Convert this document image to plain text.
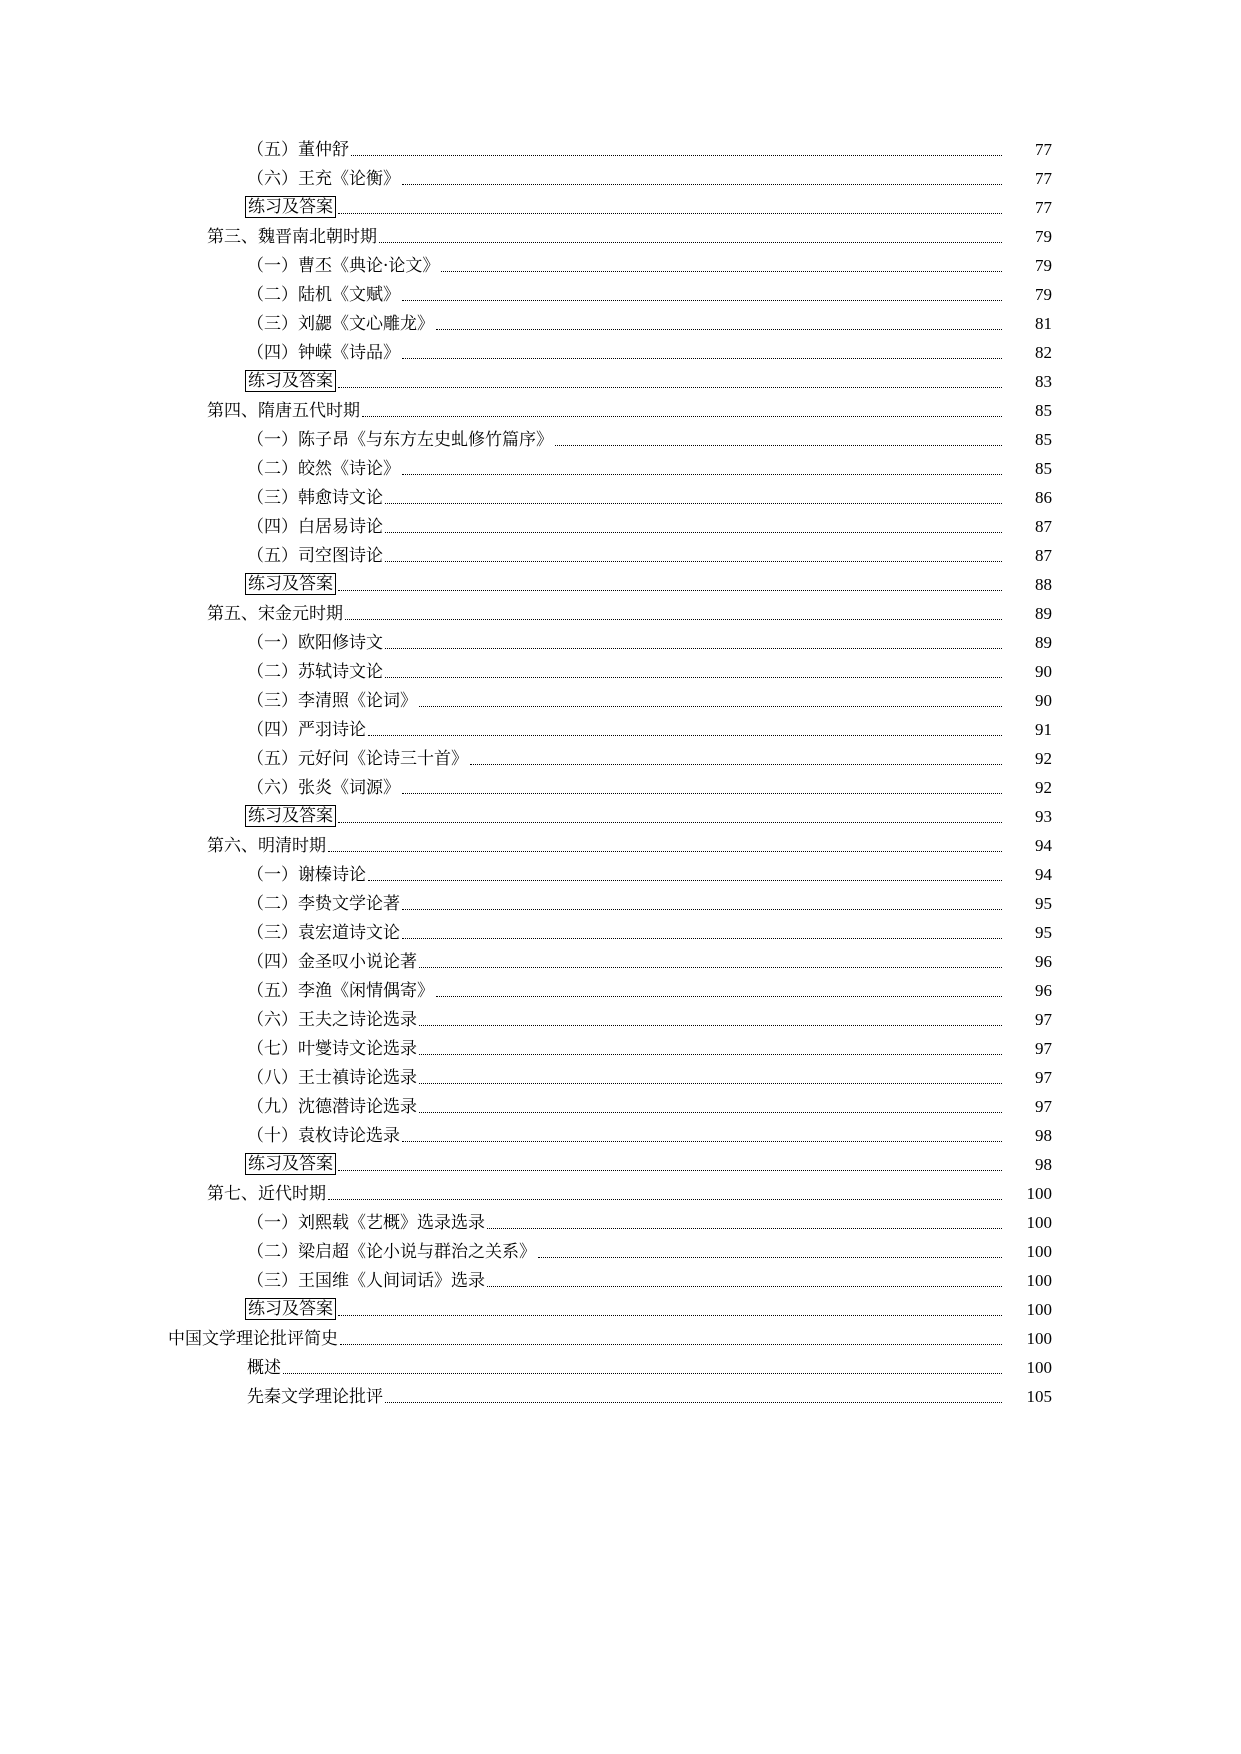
（五）董仲舒	77
（六）王充《论衡》	77
练习及答案	77
第三、魏晋南北朝时期	79
（一）曹丕《典论·论文》	79
（二）陆机《文赋》	79
（三）刘勰《文心雕龙》	81
（四）钟嵘《诗品》	82
练习及答案	83
第四、隋唐五代时期	85
（一）陈子昂《与东方左史虬修竹篇序》	85
（二）皎然《诗论》	85
（三）韩愈诗文论	86
（四）白居易诗论	87
（五）司空图诗论	87
练习及答案	88
第五、宋金元时期	89
（一）欧阳修诗文	89
（二）苏轼诗文论	90
（三）李清照《论词》	90
（四）严羽诗论	91
（五）元好问《论诗三十首》	92
（六）张炎《词源》	92
练习及答案	93
第六、明清时期	94
（一）谢榛诗论	94
（二）李贽文学论著	95
（三）袁宏道诗文论	95
（四）金圣叹小说论著	96
（五）李渔《闲情偶寄》	96
（六）王夫之诗论选录	97
（七）叶燮诗文论选录	97
（八）王士禛诗论选录	97
（九）沈德潜诗论选录	97
（十）袁枚诗论选录	98
练习及答案	98
第七、近代时期	100
（一）刘熙载《艺概》选录选录	100
（二）梁启超《论小说与群治之关系》	100
（三）王国维《人间词话》选录	100
练习及答案	100
中国文学理论批评简史	100
概述	100
先秦文学理论批评	105
